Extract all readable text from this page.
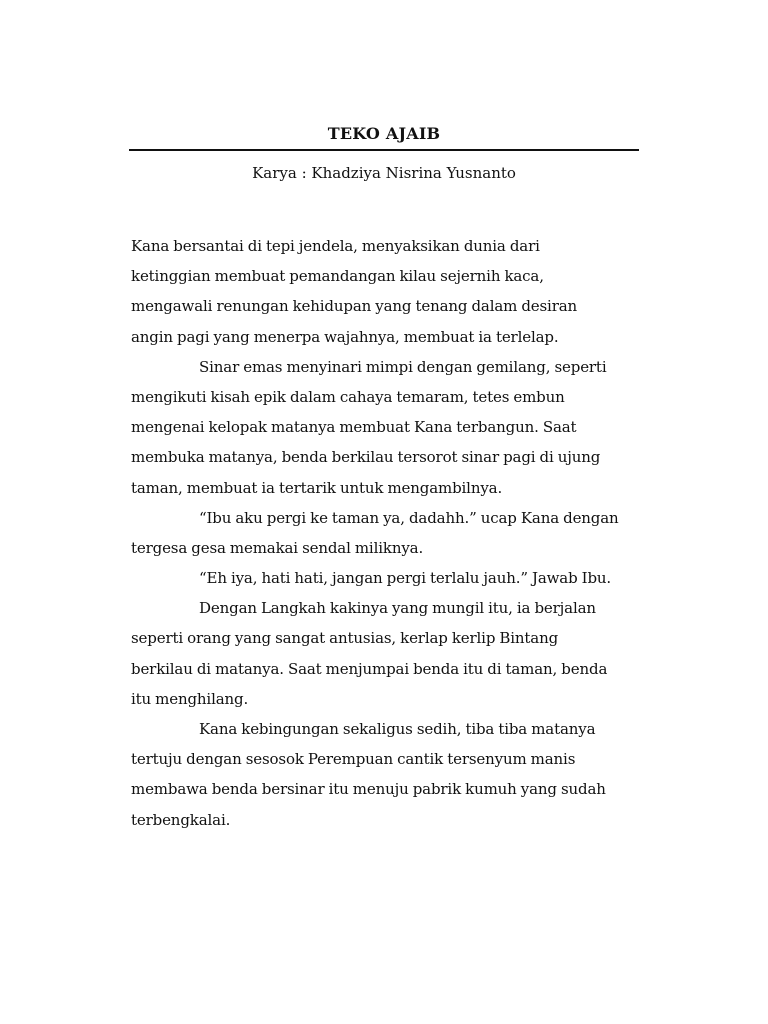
TEKO AJAIB
Karya : Khadziya Nisrina Yusnanto
Kana bersantai di tepi jendela, menyaksikan dunia dari
ketinggian membuat pemandangan kilau sejernih kaca,
mengawali renungan kehidupan yang tenang dalam desiran
angin pagi yang menerpa wajahnya, membuat ia terlelap.
Sinar emas menyinari mimpi dengan gemilang, seperti
mengikuti kisah epik dalam cahaya temaram, tetes embun
mengenai kelopak matanya membuat Kana terbangun. Saat
membuka matanya, benda berkilau tersorot sinar pagi di ujung
taman, membuat ia tertarik untuk mengambilnya.
“Ibu aku pergi ke taman ya, dadahh.” ucap Kana dengan
tergesa gesa memakai sendal miliknya.
“Eh iya, hati hati, jangan pergi terlalu jauh.” Jawab Ibu.
Dengan Langkah kakinya yang mungil itu, ia berjalan
seperti orang yang sangat antusias, kerlap kerlip Bintang
berkilau di matanya. Saat menjumpai benda itu di taman, benda
itu menghilang.
Kana kebingungan sekaligus sedih, tiba tiba matanya
tertuju dengan sesosok Perempuan cantik tersenyum manis
membawa benda bersinar itu menuju pabrik kumuh yang sudah
terbengkalai.
